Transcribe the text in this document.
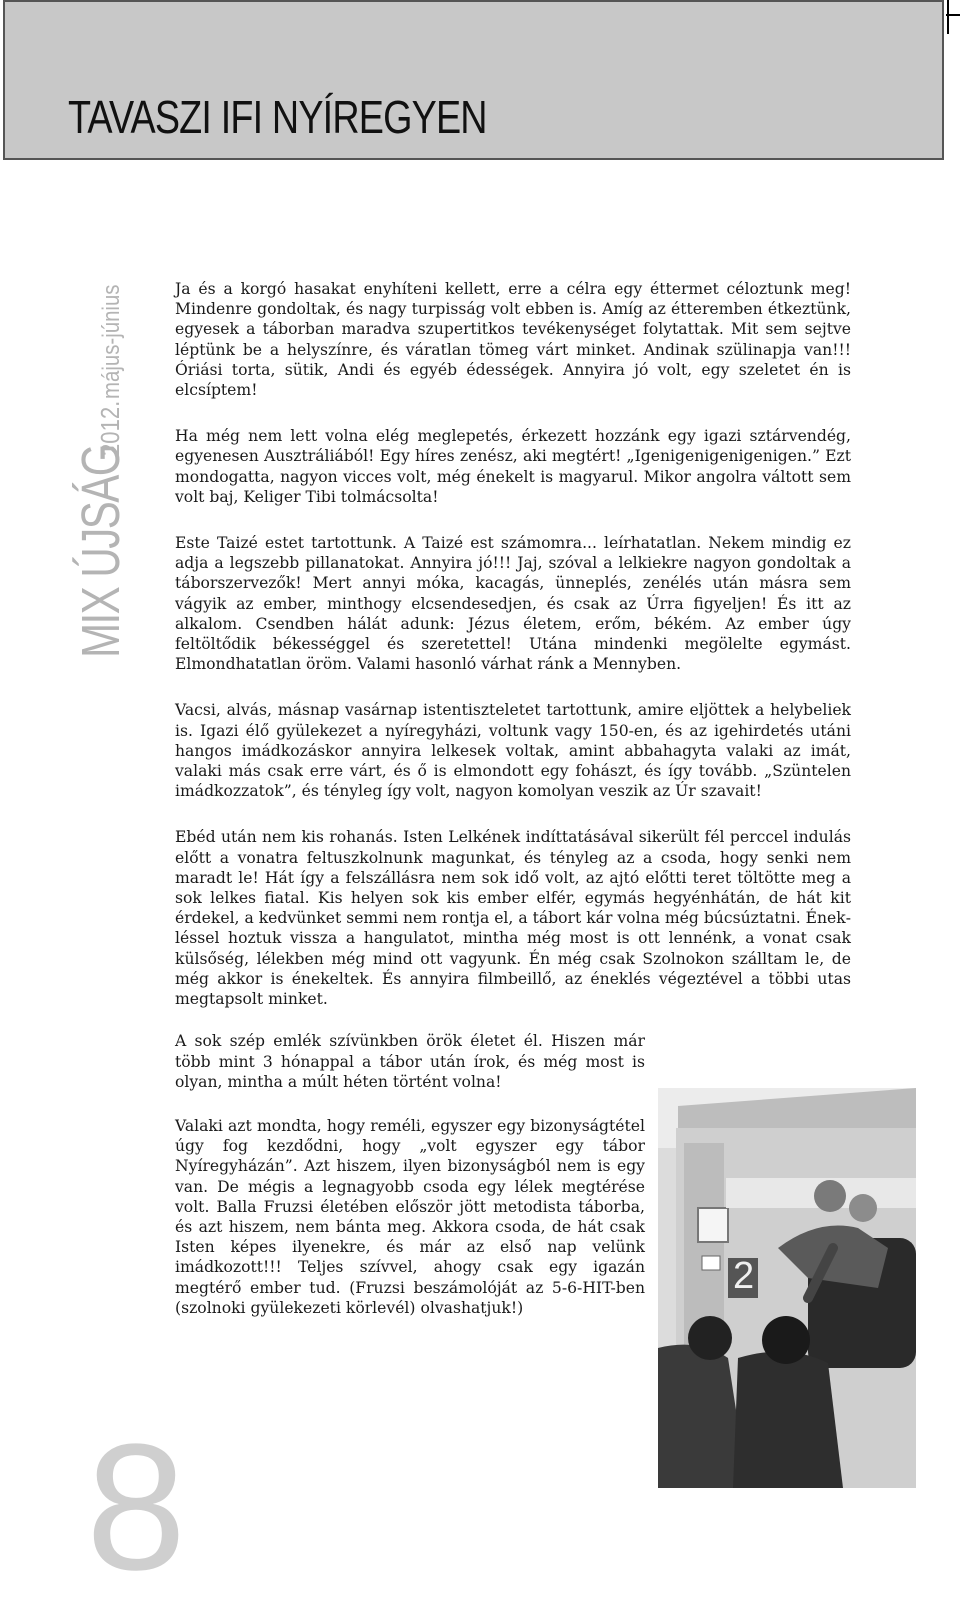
TAVASZI IFI NYÍREGYEN
MIX ÚJSÁG 2012. május-június
8

Ja és a korgó hasakat enyhíteni kellett, erre a célra egy éttermet céloztunk meg! Mindenre gondoltak, és nagy turpisság volt ebben is. Amíg az étteremben étkeztünk, egyesek a táborban maradva szupertitkos tevékenységet folytattak. Mit sem sejtve léptünk be a helyszínre, és váratlan tömeg várt minket. Andinak szülinapja van!!! Óriási torta, sütik, Andi és egyéb édességek. Annyira jó volt, egy szeletet én is elcsíptem!

Ha még nem lett volna elég meglepetés, érkezett hozzánk egy igazi sztárvendég, egyenesen Ausztráliából! Egy híres zenész, aki megtért! „Igenigenigenigenigen.” Ezt mondogatta, nagyon vicces volt, még énekelt is magyarul. Mikor angolra váltott sem volt baj, Keliger Tibi tolmácsolta!

Este Taizé estet tartottunk. A Taizé est számomra... leírhatatlan. Nekem mindig ez adja a legszebb pillanatokat. Annyira jó!!! Jaj, szóval a lelkiekre nagyon gondoltak a táborszervezők! Mert annyi móka, kacagás, ünneplés, zenélés után másra sem vágyik az ember, minthogy elcsendesedjen, és csak az Úrra figyeljen! És itt az alkalom. Csendben hálát adunk: Jézus életem, erőm, békém. Az ember úgy feltöltődik békességgel és szeretettel! Utána mindenki megölelte egymást. Elmondhatatlan öröm. Valami hasonló várhat ránk a Mennyben.

Vacsi, alvás, másnap vasárnap istentiszteletet tartottunk, amire eljöttek a helybeliek is. Igazi élő gyülekezet a nyíregyházi, voltunk vagy 150-en, és az igehirdetés utáni hangos imádkozáskor annyira lelkesek voltak, amint abbahagyta valaki az imát, valaki más csak erre várt, és ő is elmondott egy fohászt, és így tovább. „Szüntelen imádkozzatok”, és tényleg így volt, nagyon komolyan veszik az Úr szavait!

Ebéd után nem kis rohanás. Isten Lelkének indíttatásával sikerült fél perccel indulás előtt a vonatra feltuszkolnunk magunkat, és tényleg az a csoda, hogy senki nem maradt le! Hát így a felszállásra nem sok idő volt, az ajtó előtti teret töltötte meg a sok lelkes fiatal. Kis helyen sok kis ember elfér, egymás hegyénhátán, de hát kit érdekel, a kedvünket semmi nem rontja el, a tábort kár volna még búcsúztatni. Énekléssel hoztuk vissza a hangulatot, mintha még most is ott lennénk, a vonat csak külsőség, lélekben még mind ott vagyunk. Én még csak Szolnokon szálltam le, de még akkor is énekeltek. És annyira filmbeillő, az éneklés végeztével a többi utas megtapsolt minket.

A sok szép emlék szívünkben örök életet él. Hiszen már több mint 3 hónappal a tábor után írok, és még most is olyan, mintha a múlt héten történt volna!

Valaki azt mondta, hogy reméli, egyszer egy bizonyságtétel úgy fog kezdődni, hogy „volt egyszer egy tábor Nyíregyházán”. Azt hiszem, ilyen bizonyságból nem is egy van. De mégis a legnagyobb csoda egy lélek megtérése volt. Balla Fruzsi életében először jött metodista táborba, és azt hiszem, nem bánta meg. Akkora csoda, de hát csak Isten képes ilyenekre, és már az első nap velünk imádkozott!!! Teljes szívvel, ahogy csak egy igazán megtérő ember tud. (Fruzsi beszámolóját az 5-6-HIT-ben (szolnoki gyülekezeti körlevél) olvashatjuk!)

2
